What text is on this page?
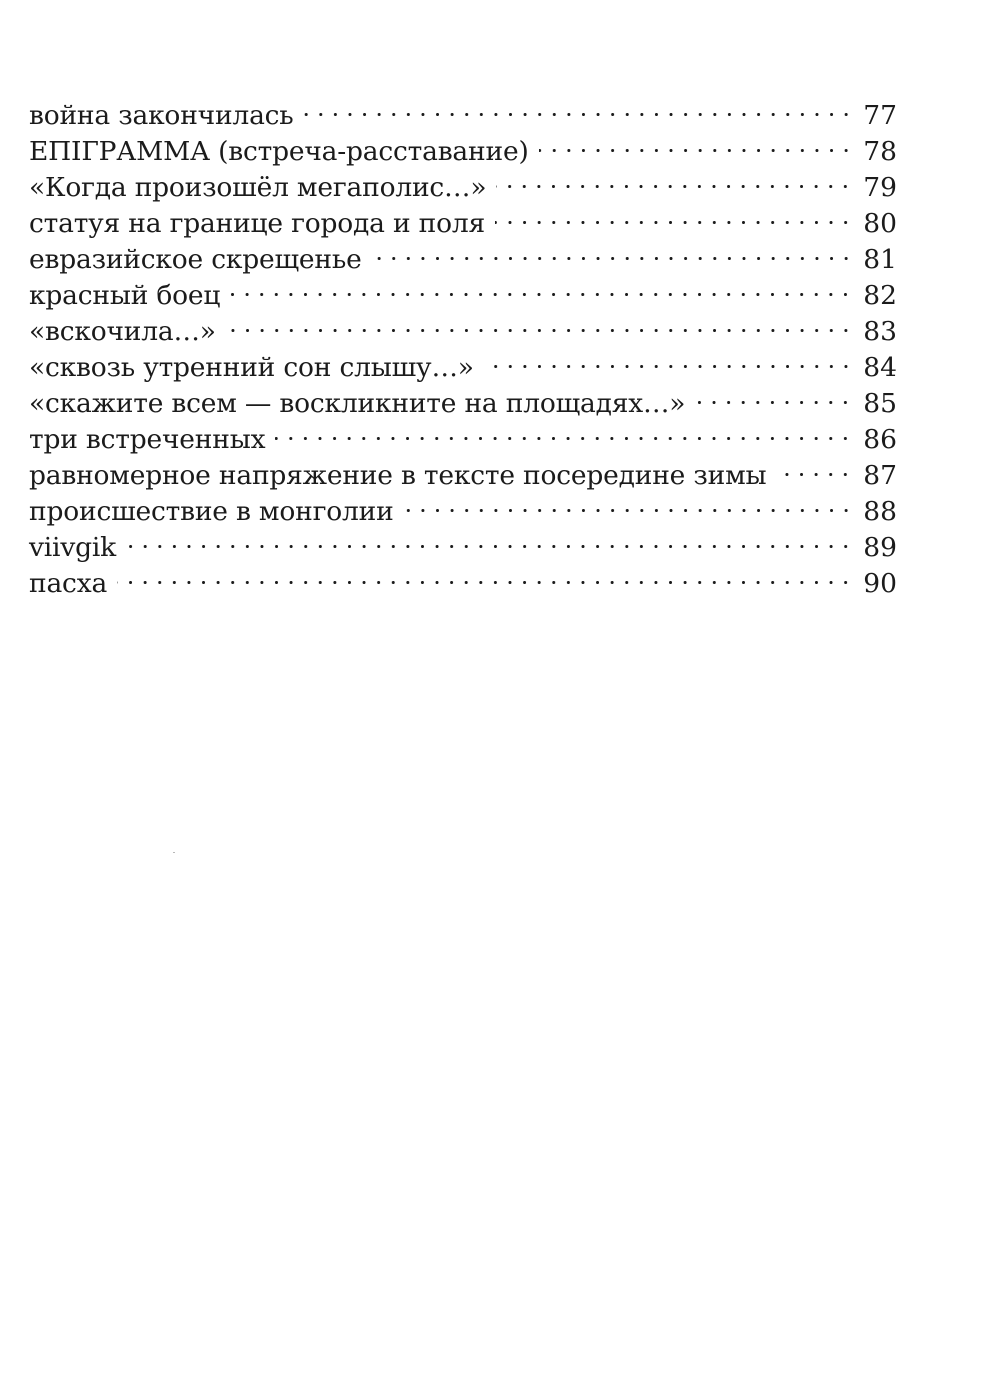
война закончилась	77
ЕПIГРАММА (встреча-расставание)	78
«Когда произошёл мегаполис…»	79
статуя на границе города и поля	80
евразийское скрещенье	81
красный боец	82
«вскочила…»	83
«сквозь утренний сон слышу…»	84
«скажите всем — воскликните на площадях…»	85
три встреченных	86
равномерное напряжение в тексте посередине зимы	87
происшествие в монголии	88
viivgik	89
пасха	90
